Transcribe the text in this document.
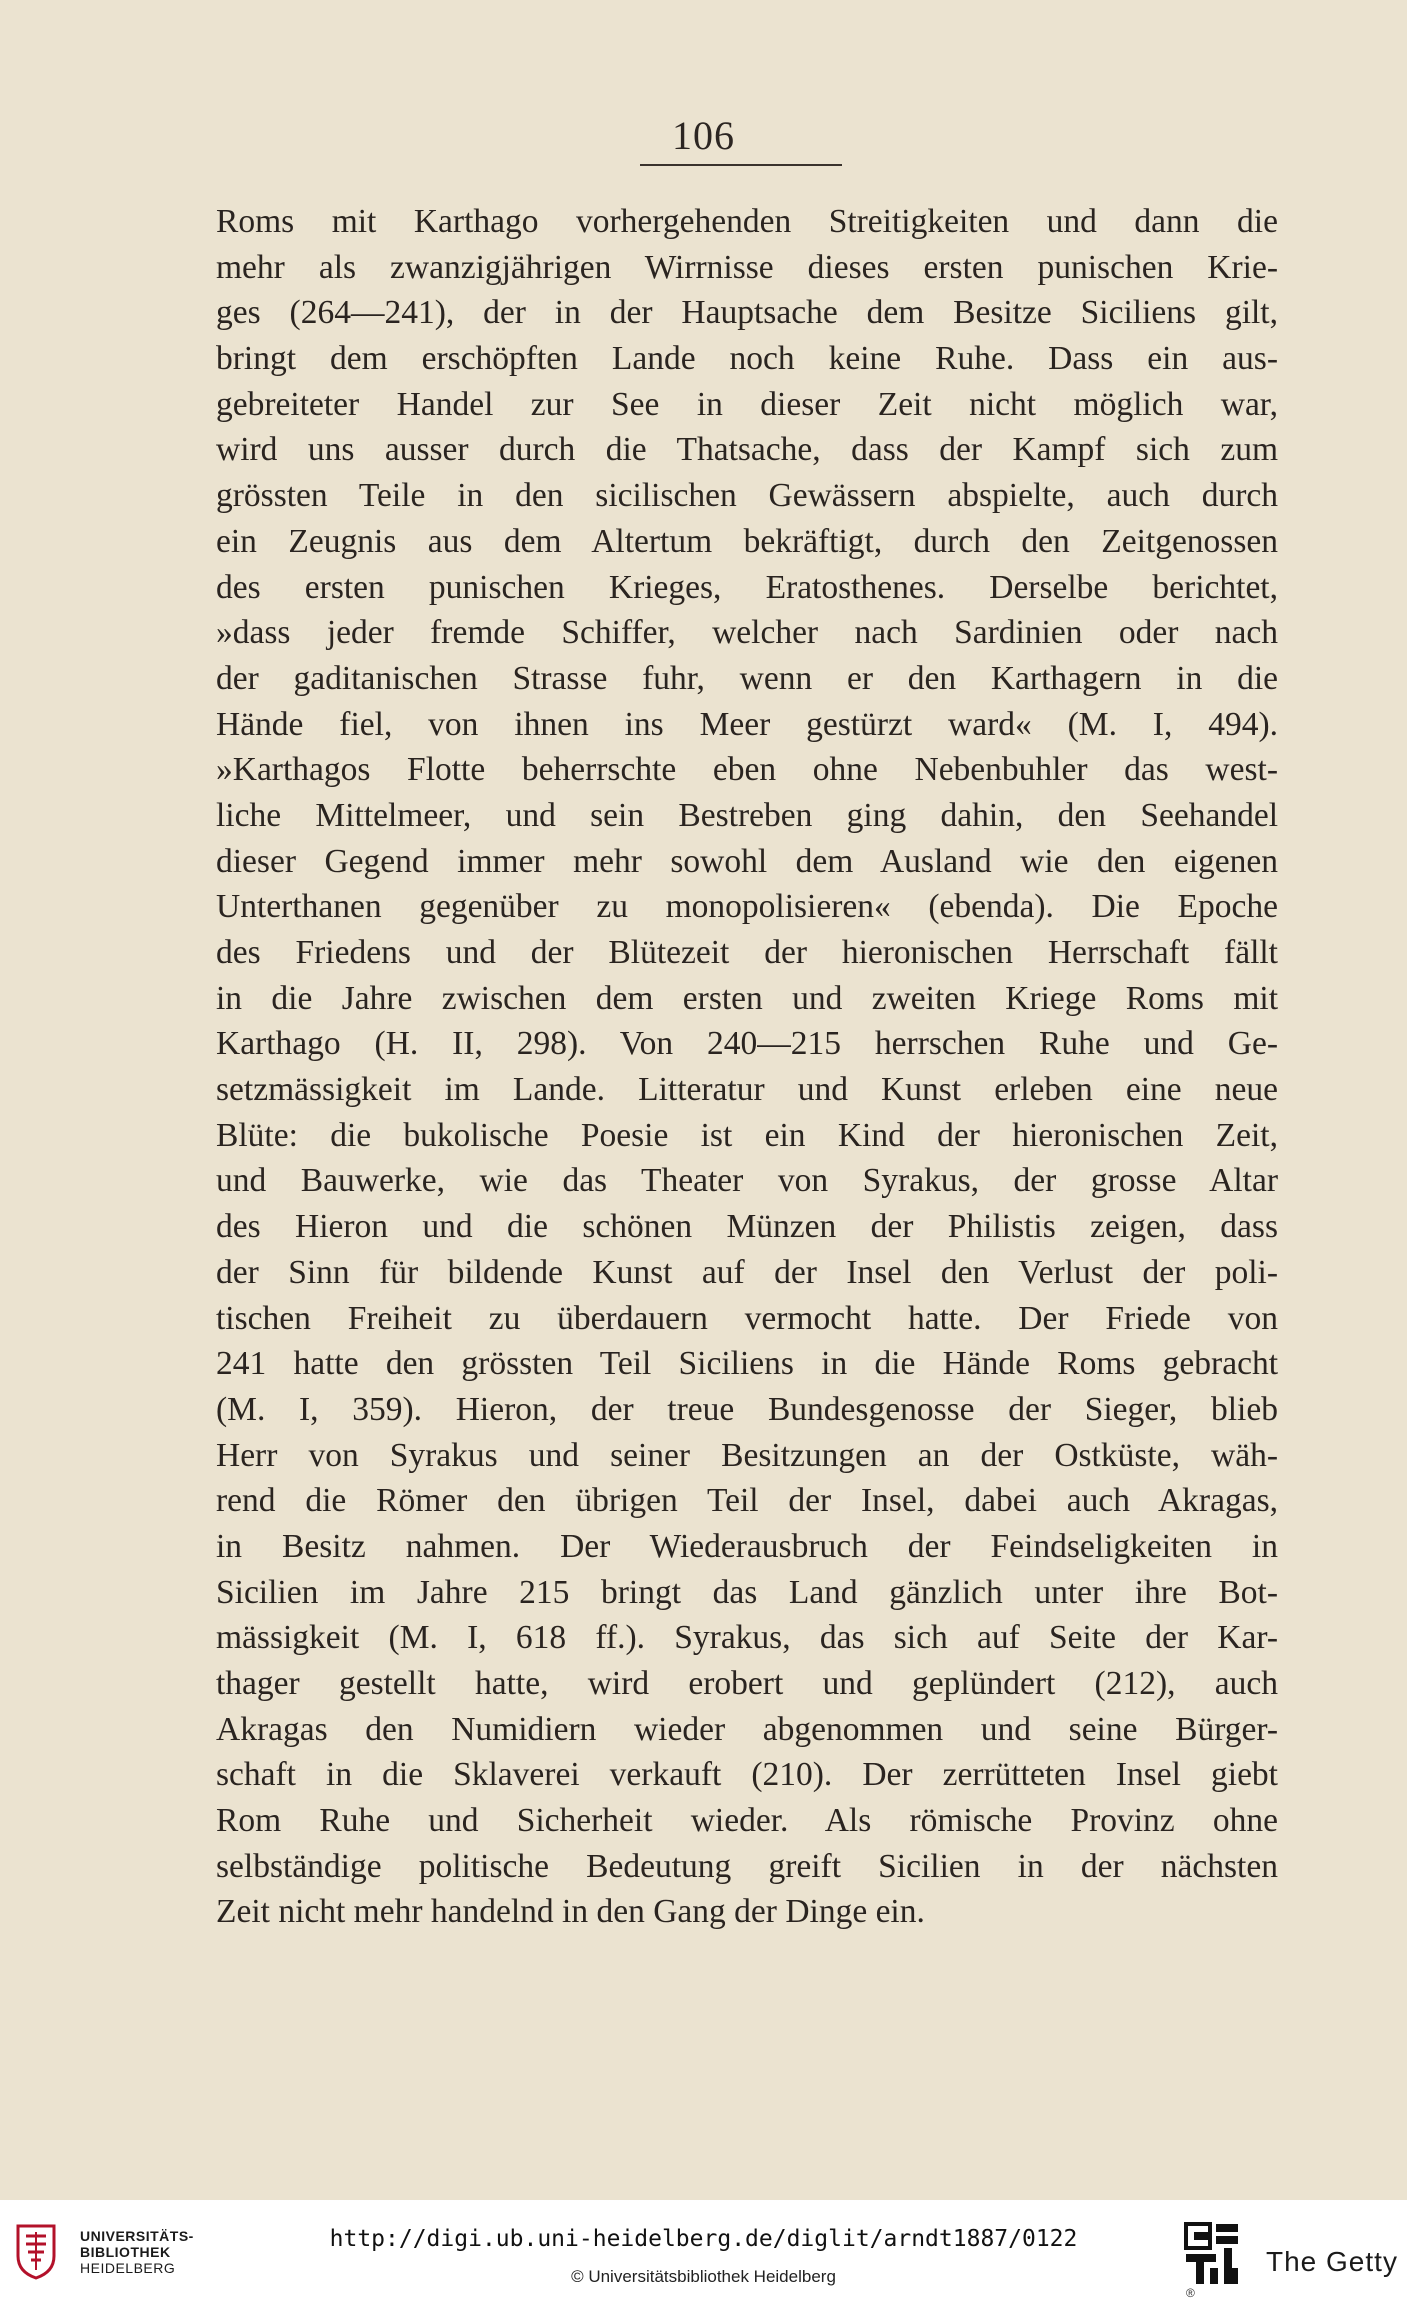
106
Roms mit Karthago vorhergehenden Streitigkeiten und dann die
mehr als zwanzigjährigen Wirrnisse dieses ersten punischen Krie-
ges (264—241), der in der Hauptsache dem Besitze Siciliens gilt,
bringt dem erschöpften Lande noch keine Ruhe. Dass ein aus-
gebreiteter Handel zur See in dieser Zeit nicht möglich war,
wird uns ausser durch die Thatsache, dass der Kampf sich zum
grössten Teile in den sicilischen Gewässern abspielte, auch durch
ein Zeugnis aus dem Altertum bekräftigt, durch den Zeitgenossen
des ersten punischen Krieges, Eratosthenes. Derselbe berichtet,
»dass jeder fremde Schiffer, welcher nach Sardinien oder nach
der gaditanischen Strasse fuhr, wenn er den Karthagern in die
Hände fiel, von ihnen ins Meer gestürzt ward« (M. I, 494).
»Karthagos Flotte beherrschte eben ohne Nebenbuhler das west-
liche Mittelmeer, und sein Bestreben ging dahin, den Seehandel
dieser Gegend immer mehr sowohl dem Ausland wie den eigenen
Unterthanen gegenüber zu monopolisieren« (ebenda). Die Epoche
des Friedens und der Blütezeit der hieronischen Herrschaft fällt
in die Jahre zwischen dem ersten und zweiten Kriege Roms mit
Karthago (H. II, 298). Von 240—215 herrschen Ruhe und Ge-
setzmässigkeit im Lande. Litteratur und Kunst erleben eine neue
Blüte: die bukolische Poesie ist ein Kind der hieronischen Zeit,
und Bauwerke, wie das Theater von Syrakus, der grosse Altar
des Hieron und die schönen Münzen der Philistis zeigen, dass
der Sinn für bildende Kunst auf der Insel den Verlust der poli-
tischen Freiheit zu überdauern vermocht hatte. Der Friede von
241 hatte den grössten Teil Siciliens in die Hände Roms gebracht
(M. I, 359). Hieron, der treue Bundesgenosse der Sieger, blieb
Herr von Syrakus und seiner Besitzungen an der Ostküste, wäh-
rend die Römer den übrigen Teil der Insel, dabei auch Akragas,
in Besitz nahmen. Der Wiederausbruch der Feindseligkeiten in
Sicilien im Jahre 215 bringt das Land gänzlich unter ihre Bot-
mässigkeit (M. I, 618 ff.). Syrakus, das sich auf Seite der Kar-
thager gestellt hatte, wird erobert und geplündert (212), auch
Akragas den Numidiern wieder abgenommen und seine Bürger-
schaft in die Sklaverei verkauft (210). Der zerrütteten Insel giebt
Rom Ruhe und Sicherheit wieder. Als römische Provinz ohne
selbständige politische Bedeutung greift Sicilien in der nächsten
Zeit nicht mehr handelnd in den Gang der Dinge ein.
UNIVERSITÄTS-
BIBLIOTHEK
HEIDELBERG
http://digi.ub.uni-heidelberg.de/diglit/arndt1887/0122
© Universitätsbibliothek Heidelberg
®
The Getty
